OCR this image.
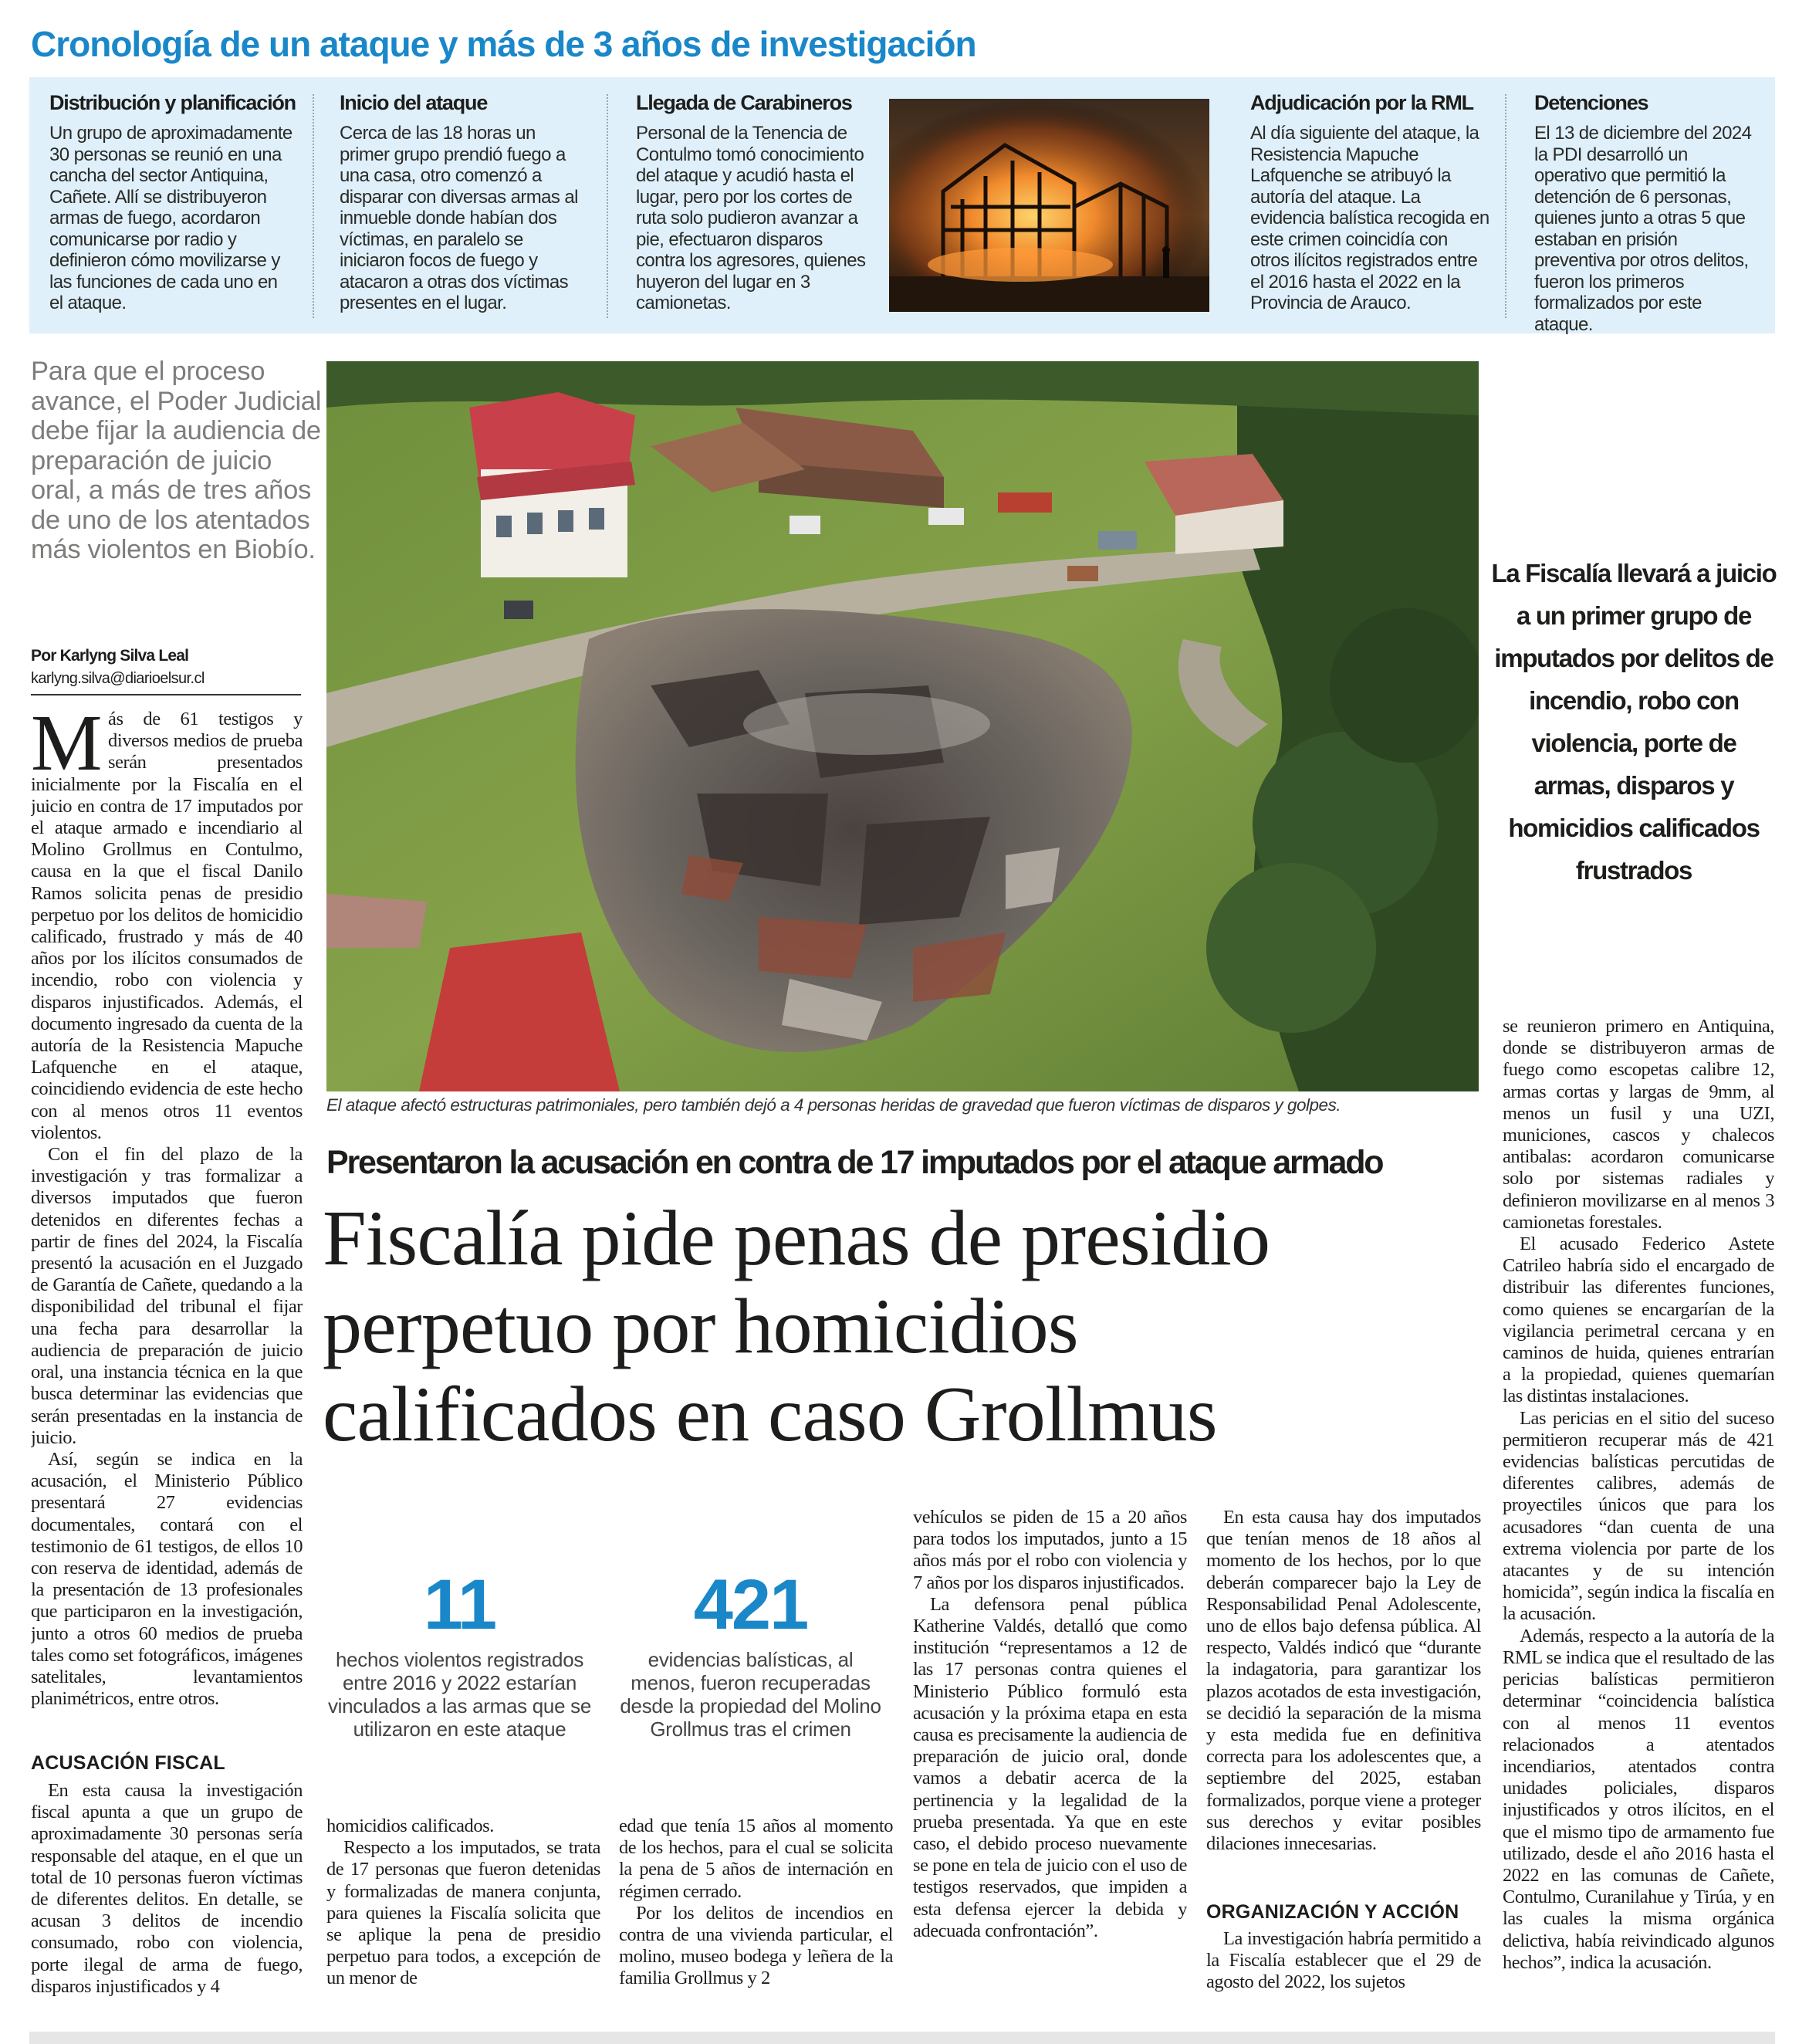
Cronología de un ataque y más de 3 años de investigación
Distribución y planificación
Un grupo de aproximadamente 30 personas se reunió en una cancha del sector Antiquina, Cañete. Allí se distribuyeron armas de fuego, acordaron comunicarse por radio y definieron cómo movilizarse y las funciones de cada uno en el ataque.
Inicio del ataque
Cerca de las 18 horas un primer grupo prendió fuego a una casa, otro comenzó a disparar con diversas armas al inmueble donde habían dos víctimas, en paralelo se iniciaron focos de fuego y atacaron a otras dos víctimas presentes en el lugar.
Llegada de Carabineros
Personal de la Tenencia de Contulmo tomó conocimiento del ataque y acudió hasta el lugar, pero por los cortes de ruta solo pudieron avanzar a pie, efectuaron disparos contra los agresores, quienes huyeron del lugar en 3 camionetas.
Adjudicación por la RML
Al día siguiente del ataque, la Resistencia Mapuche Lafquenche se atribuyó la autoría del ataque. La evidencia balística recogida en este crimen coincidía con otros ilícitos registrados entre el 2016 hasta el 2022 en la Provincia de Arauco.
Detenciones
El 13 de diciembre del 2024 la PDI desarrolló un operativo que permitió la detención de 6 personas, quienes junto a otras 5 que estaban en prisión preventiva por otros delitos, fueron los primeros formalizados por este ataque.
Para que el proceso avance, el Poder Judicial debe fijar la audiencia de preparación de juicio oral, a más de tres años de uno de los atentados más violentos en Biobío.
Por Karlyng Silva Leal
karlyng.silva@diarioelsur.cl

Más de 61 testigos y diversos medios de prueba serán presentados inicialmente por la Fiscalía en el juicio en contra de 17 imputados por el ataque armado e incendiario al Molino Grollmus en Contulmo, causa en la que el fiscal Danilo Ramos solicita penas de presidio perpetuo por los delitos de homicidio calificado, frustrado y más de 40 años por los ilícitos consumados de incendio, robo con violencia y disparos injustificados. Además, el documento ingresado da cuenta de la autoría de la Resistencia Mapuche Lafquenche en el ataque, coincidiendo evidencia de este hecho con al menos otros 11 eventos violentos.

Con el fin del plazo de la investigación y tras formalizar a diversos imputados que fueron detenidos en diferentes fechas a partir de fines del 2024, la Fiscalía presentó la acusación en el Juzgado de Garantía de Cañete, quedando a la disponibilidad del tribunal el fijar una fecha para desarrollar la audiencia de preparación de juicio oral, una instancia técnica en la que busca determinar las evidencias que serán presentadas en la instancia de juicio.

Así, según se indica en la acusación, el Ministerio Público presentará 27 evidencias documentales, contará con el testimonio de 61 testigos, de ellos 10 con reserva de identidad, además de la presentación de 13 profesionales que participaron en la investigación, junto a otros 60 medios de prueba tales como set fotográficos, imágenes satelitales, levantamientos planimétricos, entre otros.

ACUSACIÓN FISCAL

En esta causa la investigación fiscal apunta a que un grupo de aproximadamente 30 personas sería responsable del ataque, en el que un total de 10 personas fueron víctimas de diferentes delitos. En detalle, se acusan 3 delitos de incendio consumado, robo con violencia, porte ilegal de arma de fuego, disparos injustificados y 4

El ataque afectó estructuras patrimoniales, pero también dejó a 4 personas heridas de gravedad que fueron víctimas de disparos y golpes.
La Fiscalía llevará a juicio a un primer grupo de imputados por delitos de incendio, robo con violencia, porte de armas, disparos y homicidios calificados frustrados
Presentaron la acusación en contra de 17 imputados por el ataque armado
Fiscalía pide penas de presidio
perpetuo por homicidios
calificados en caso Grollmus
11
hechos violentos registrados entre 2016 y 2022 estarían vinculados a las armas que se utilizaron en este ataque
421
evidencias balísticas, al menos, fueron recuperadas desde la propiedad del Molino Grollmus tras el crimen

homicidios calificados.

Respecto a los imputados, se trata de 17 personas que fueron detenidas y formalizadas de manera conjunta, para quienes la Fiscalía solicita que se aplique la pena de presidio perpetuo para todos, a excepción de un menor de

edad que tenía 15 años al momento de los hechos, para el cual se solicita la pena de 5 años de internación en régimen cerrado.

Por los delitos de incendios en contra de una vivienda particular, el molino, museo bodega y leñera de la familia Grollmus y 2

vehículos se piden de 15 a 20 años para todos los imputados, junto a 15 años más por el robo con violencia y 7 años por los disparos injustificados.

La defensora penal pública Katherine Valdés, detalló que como institución “representamos a 12 de las 17 personas contra quienes el Ministerio Público formuló esta acusación y la próxima etapa en esta causa es precisamente la audiencia de preparación de juicio oral, donde vamos a debatir acerca de la pertinencia y la legalidad de la prueba presentada. Ya que en este caso, el debido proceso nuevamente se pone en tela de juicio con el uso de testigos reservados, que impiden a esta defensa ejercer la debida y adecuada confrontación”.

En esta causa hay dos imputados que tenían menos de 18 años al momento de los hechos, por lo que deberán comparecer bajo la Ley de Responsabilidad Penal Adolescente, uno de ellos bajo defensa pública. Al respecto, Valdés indicó que “durante la indagatoria, para garantizar los plazos acotados de esta investigación, se decidió la separación de la misma y esta medida fue en definitiva correcta para los adolescentes que, a septiembre del 2025, estaban formalizados, porque viene a proteger sus derechos y evitar posibles dilaciones innecesarias.

ORGANIZACIÓN Y ACCIÓN

La investigación habría permitido a la Fiscalía establecer que el 29 de agosto del 2022, los sujetos

se reunieron primero en Antiquina, donde se distribuyeron armas de fuego como escopetas calibre 12, armas cortas y largas de 9mm, al menos un fusil y una UZI, municiones, cascos y chalecos antibalas: acordaron comunicarse solo por sistemas radiales y definieron movilizarse en al menos 3 camionetas forestales.

El acusado Federico Astete Catrileo habría sido el encargado de distribuir las diferentes funciones, como quienes se encargarían de la vigilancia perimetral cercana y en caminos de huida, quienes entrarían a la propiedad, quienes quemarían las distintas instalaciones.

Las pericias en el sitio del suceso permitieron recuperar más de 421 evidencias balísticas percutidas de diferentes calibres, además de proyectiles únicos que para los acusadores “dan cuenta de una extrema violencia por parte de los atacantes y de su intención homicida”, según indica la fiscalía en la acusación.

Además, respecto a la autoría de la RML se indica que el resultado de las pericias balísticas permitieron determinar “coincidencia balística con al menos 11 eventos relacionados a atentados incendiarios, atentados contra unidades policiales, disparos injustificados y otros ilícitos, en el que el mismo tipo de armamento fue utilizado, desde el año 2016 hasta el 2022 en las comunas de Cañete, Contulmo, Curanilahue y Tirúa, y en las cuales la misma orgánica delictiva, había reivindicado algunos hechos”, indica la acusación.
